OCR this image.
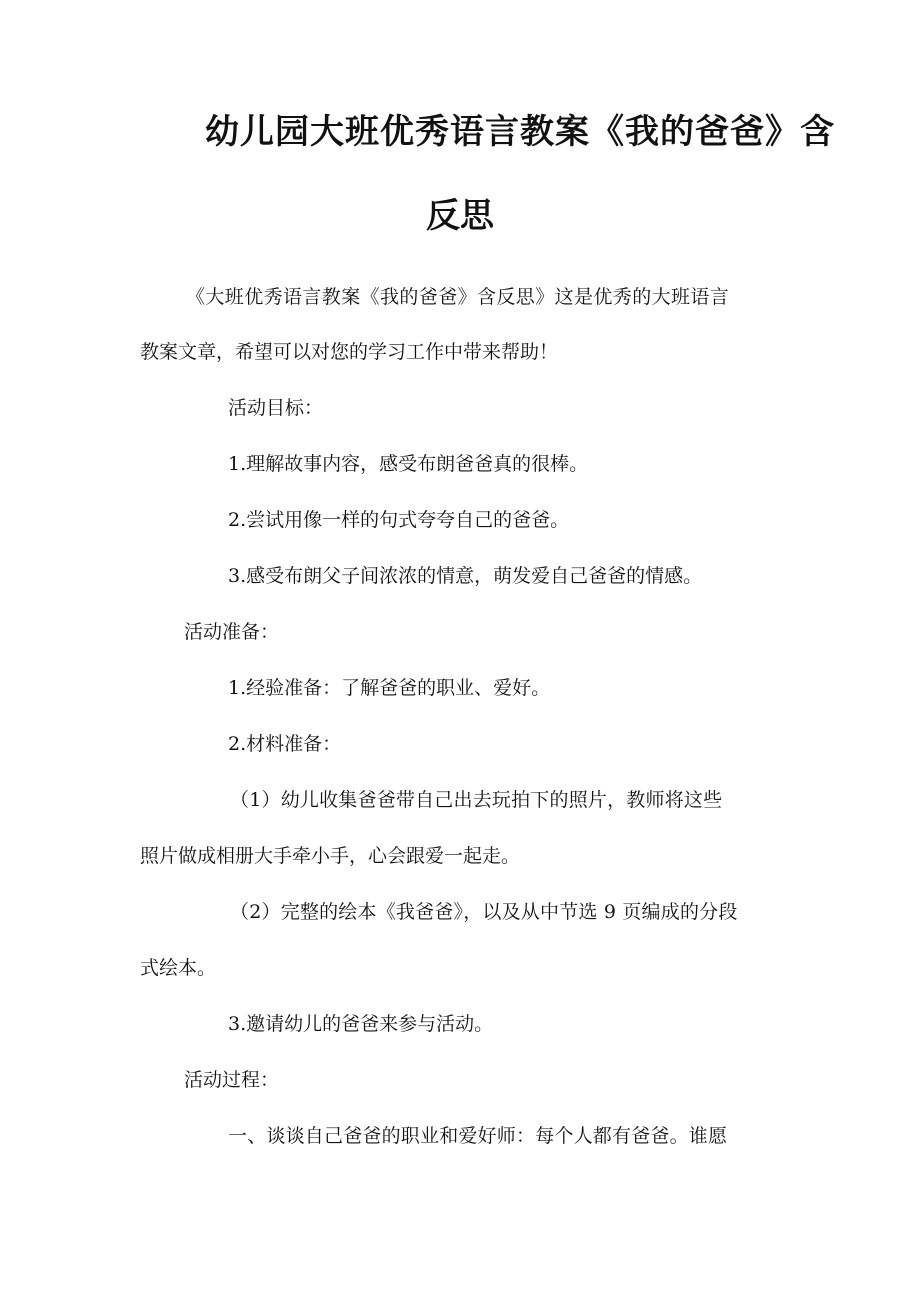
幼儿园大班优秀语言教案《我的爸爸》含
反思

《大班优秀语言教案《我的爸爸》含反思》这是优秀的大班语言

教案文章，希望可以对您的学习工作中带来帮助！

活动目标：

1.理解故事内容，感受布朗爸爸真的很棒。

2.尝试用像一样的句式夸夸自己的爸爸。

3.感受布朗父子间浓浓的情意，萌发爱自己爸爸的情感。

活动准备：

1.经验准备：了解爸爸的职业、爱好。

2.材料准备：

（1）幼儿收集爸爸带自己出去玩拍下的照片，教师将这些

照片做成相册大手牵小手，心会跟爱一起走。

（2）完整的绘本《我爸爸》，以及从中节选 9 页编成的分段

式绘本。

3.邀请幼儿的爸爸来参与活动。

活动过程：

一、谈谈自己爸爸的职业和爱好师：每个人都有爸爸。谁愿
